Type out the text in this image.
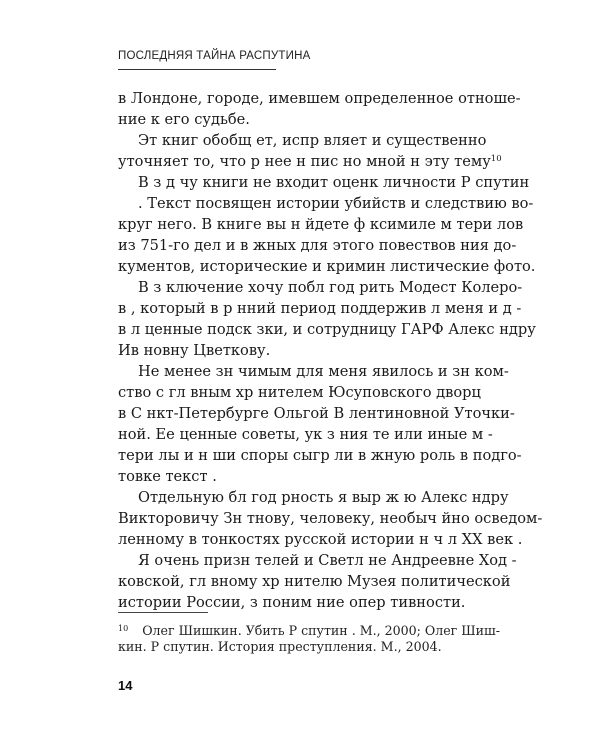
ПОСЛЕДНЯЯ ТАЙНА РАСПУТИНА
в Лондоне, городе, имевшем определенное отноше-
ние к его судьбе.
Эт книг обобщ ет, испр вляет и существенно
уточняет то, что р нее н пис но мной н эту тему$^{10}$
В з д чу книги не входит оценк личности Р спутин
. Текст посвящен истории убийств и следствию во-
круг него. В книге вы н йдете ф ксимиле м тери лов
из 751-го дел и в жных для этого повествов ния до-
кументов, исторические и кримин листические фото.
В з ключение хочу побл год рить Модест Колеро-
в , который в р нний период поддержив л меня и д -
в л ценные подск зки, и сотрудницу ГАРФ Алекс ндру
Ив новну Цветкову.
Не менее зн чимым для меня явилось и зн ком-
ство с гл вным хр нителем Юсуповского дворц
в С нкт-Петербурге Ольгой В лентиновной Уточки-
ной. Ее ценные советы, ук з ния те или иные м -
тери лы и н ши споры сыгр ли в жную роль в подго-
товке текст .
Отдельную бл год рность я выр ж ю Алекс ндру
Викторовичу Зн тнову, человеку, необыч йно осведом-
ленному в тонкостях русской истории н ч л XX век .
Я очень призн телей и Светл не Андреевне Ход -
ковской, гл вному хр нителю Музея политической
истории России, з поним ние опер тивности.
$^{10}$ Олег Шишкин. Убить Р спутин . М., 2000; Олег Шиш-
кин. Р спутин. История преступления. М., 2004.
14
